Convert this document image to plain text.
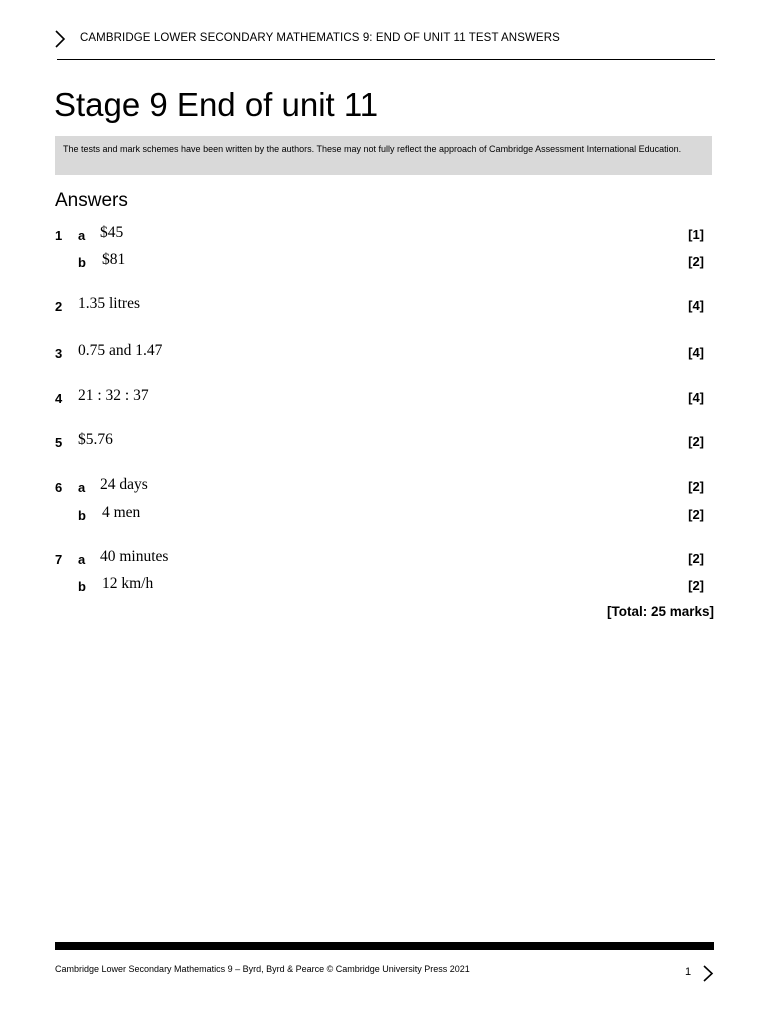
CAMBRIDGE LOWER SECONDARY MATHEMATICS 9: END OF UNIT 11 TEST ANSWERS
Stage 9 End of unit 11
The tests and mark schemes have been written by the authors. These may not fully reflect the approach of Cambridge Assessment International Education.
Answers
1 a $45	[1]
b $81	[2]
2 1.35 litres	[4]
3 0.75 and 1.47	[4]
4 21 : 32 : 37	[4]
5 $5.76	[2]
6 a 24 days	[2]
b 4 men	[2]
7 a 40 minutes	[2]
b 12 km/h	[2]
[Total: 25 marks]
Cambridge Lower Secondary Mathematics 9 – Byrd, Byrd & Pearce © Cambridge University Press 2021	1
